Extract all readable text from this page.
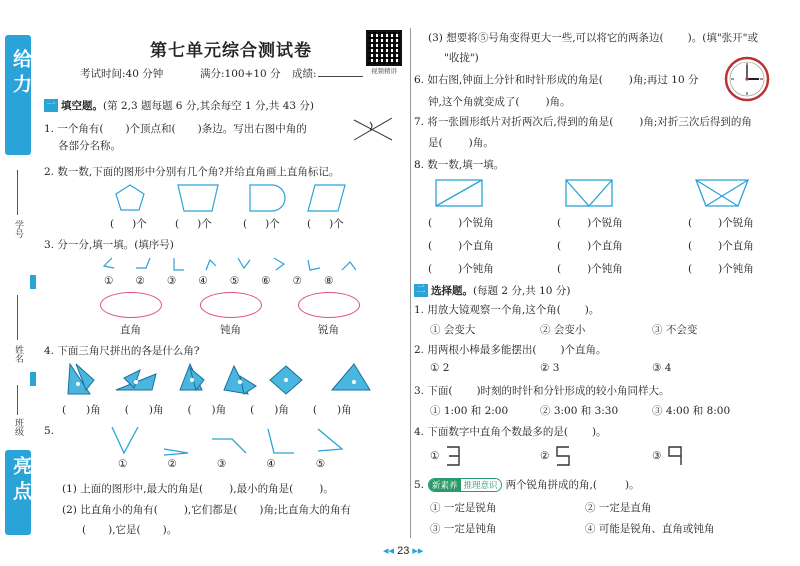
给力
学号
姓名
班级
亮点
第七单元综合测试卷
考试时间:40 分钟	满分:100+10 分 成绩:	视频精讲
一 填空题。 (第 2,3 题每题 6 分,其余每空 1 分,共 43 分)
1. 一个角有( )个顶点和( )条边。写出右图中角的
各部分名称。
2. 数一数,下面的图形中分别有几个角?并给直角画上直角标记。
( )个	( )个	( )个	( )个
3. 分一分,填一填。(填序号)
① ② ③ ④ ⑤ ⑥ ⑦ ⑧
直角	钝角	锐角
4. 下面三角尺拼出的各是什么角?
( )角 ( )角 ( )角 ( )角 ( )角
5.
①	②	③	④	⑤
(1) 上面的图形中,最大的角是( ),最小的角是( )。
(2) 比直角小的角有( ),它们都是( )角;比直角大的角有
( ),它是( )。
(3) 想要将⑤号角变得更大一些,可以将它的两条边( )。(填"张开"或
"收拢")
6. 如右图,钟面上分针和时针形成的角是( )角;再过 10 分
钟,这个角就变成了( )角。
7. 将一张圆形纸片对折两次后,得到的角是( )角;对折三次后得到的角
是( )角。
8. 数一数,填一填。
( )个锐角
( )个直角
( )个钝角
( )个锐角
( )个直角
( )个钝角
( )个锐角
( )个直角
( )个钝角
二 选择题。 (每题 2 分,共 10 分)
1. 用放大镜观察一个角,这个角( )。
① 会变大	② 会变小	③ 不会变
2. 用两根小棒最多能摆出( )个直角。
① 2	② 3	③ 4
3. 下面( )时刻的时针和分针形成的较小角同样大。
① 1:00 和 2:00	② 3:00 和 3:30	③ 4:00 和 8:00
4. 下面数字中直角个数最多的是( )。
①	②	③
5. 新素养 推理意识 两个锐角拼成的角,(	)。
① 一定是锐角	② 一定是直角
③ 一定是钝角	④ 可能是锐角、直角或钝角
◂◂ 23 ▸▸
